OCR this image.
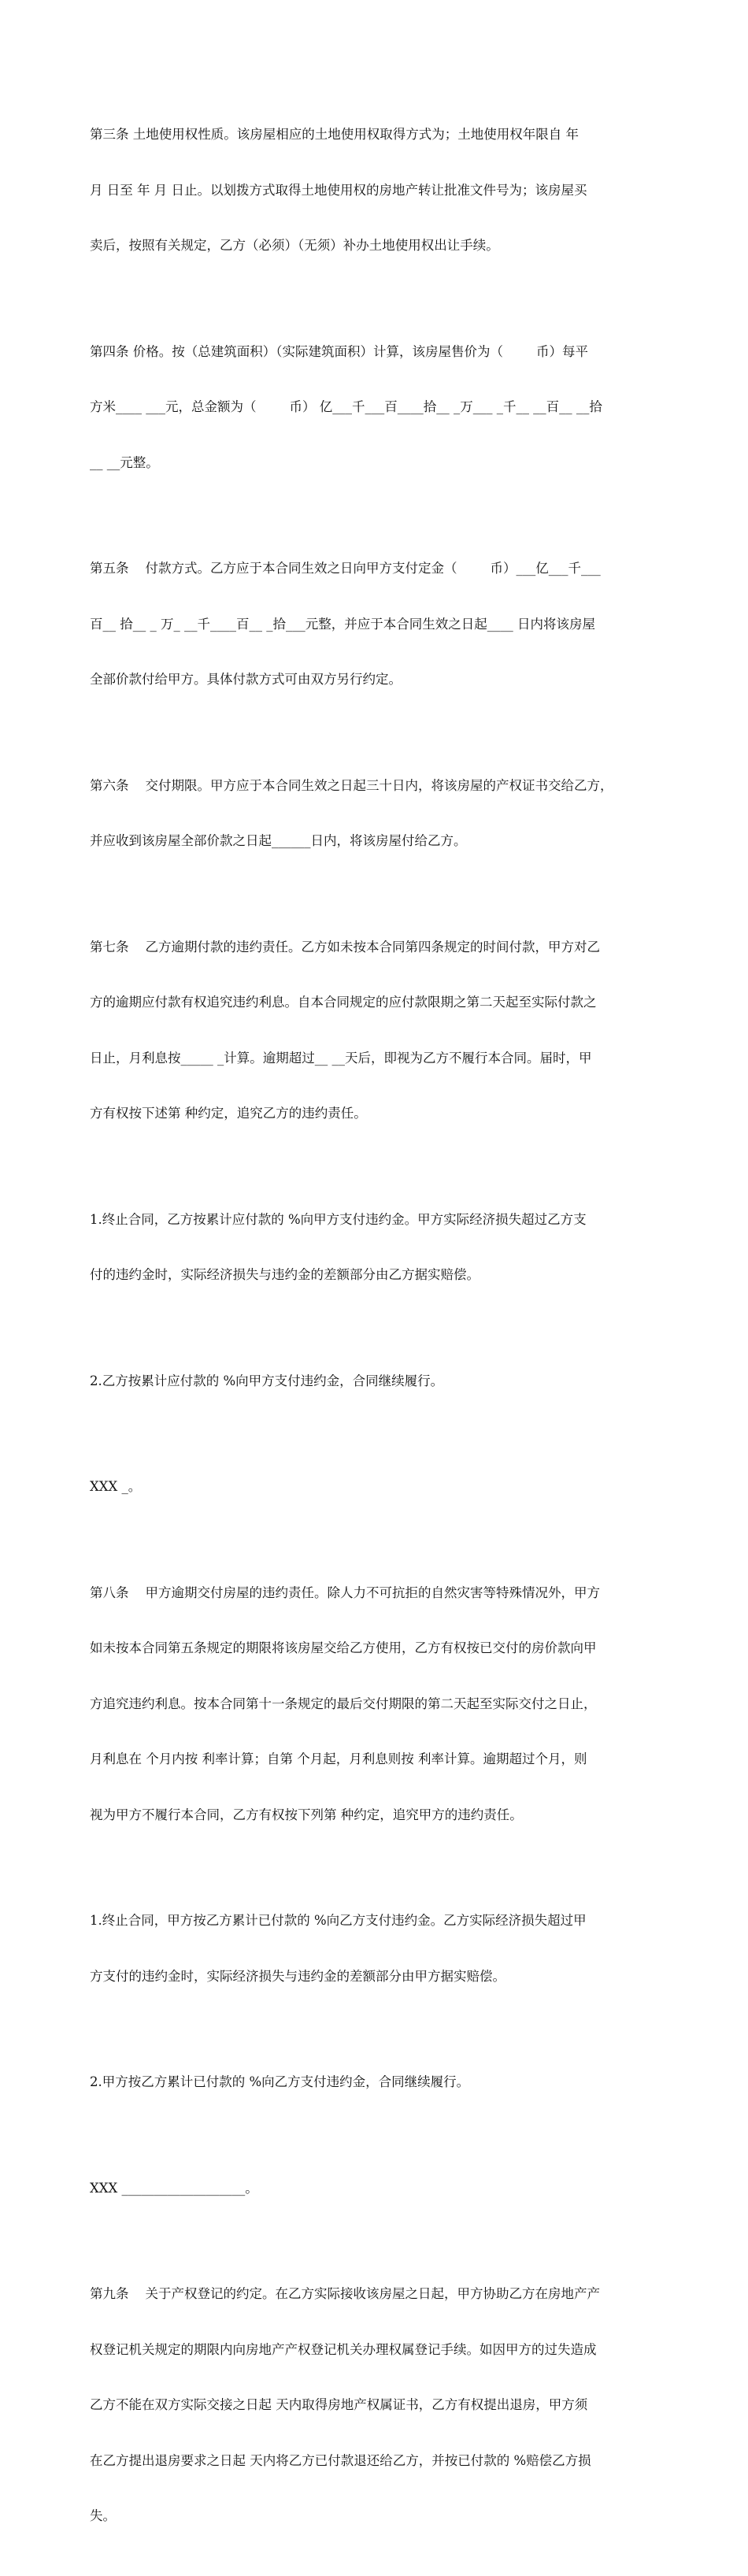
第三条 土地使用权性质。该房屋相应的土地使用权取得方式为；土地使用权年限自 年

月 日至 年 月 日止。以划拨方式取得土地使用权的房地产转让批准文件号为；该房屋买

卖后，按照有关规定，乙方（必须）（无须）补办土地使用权出让手续。

第四条 价格。按（总建筑面积）（实际建筑面积）计算，该房屋售价为（        币）每平

方米____ ___元，总金额为（        币） 亿___千___百____拾__ _万___ _千__ __百__ __拾

__ __元整。

第五条    付款方式。乙方应于本合同生效之日向甲方支付定金（        币）___亿___千___

百__ 拾__ _ 万_ __千____百__ _拾___元整，并应于本合同生效之日起____ 日内将该房屋

全部价款付给甲方。具体付款方式可由双方另行约定。

第六条    交付期限。甲方应于本合同生效之日起三十日内，将该房屋的产权证书交给乙方，

并应收到该房屋全部价款之日起______日内，将该房屋付给乙方。

第七条    乙方逾期付款的违约责任。乙方如未按本合同第四条规定的时间付款，甲方对乙

方的逾期应付款有权追究违约利息。自本合同规定的应付款限期之第二天起至实际付款之

日止，月利息按_____ _计算。逾期超过__ __天后，即视为乙方不履行本合同。届时，甲

方有权按下述第 种约定，追究乙方的违约责任。

1.终止合同，乙方按累计应付款的 %向甲方支付违约金。甲方实际经济损失超过乙方支

付的违约金时，实际经济损失与违约金的差额部分由乙方据实赔偿。

2.乙方按累计应付款的 %向甲方支付违约金，合同继续履行。

XXX _。

第八条    甲方逾期交付房屋的违约责任。除人力不可抗拒的自然灾害等特殊情况外，甲方

如未按本合同第五条规定的期限将该房屋交给乙方使用，乙方有权按已交付的房价款向甲

方追究违约利息。按本合同第十一条规定的最后交付期限的第二天起至实际交付之日止，

月利息在 个月内按 利率计算；自第 个月起，月利息则按 利率计算。逾期超过个月，则

视为甲方不履行本合同，乙方有权按下列第 种约定，追究甲方的违约责任。

1.终止合同，甲方按乙方累计已付款的 %向乙方支付违约金。乙方实际经济损失超过甲

方支付的违约金时，实际经济损失与违约金的差额部分由甲方据实赔偿。

2.甲方按乙方累计已付款的 %向乙方支付违约金，合同继续履行。

XXX ___________________。

第九条    关于产权登记的约定。在乙方实际接收该房屋之日起，甲方协助乙方在房地产产

权登记机关规定的期限内向房地产产权登记机关办理权属登记手续。如因甲方的过失造成

乙方不能在双方实际交接之日起 天内取得房地产权属证书，乙方有权提出退房，甲方须

在乙方提出退房要求之日起 天内将乙方已付款退还给乙方，并按已付款的 %赔偿乙方损

失。
